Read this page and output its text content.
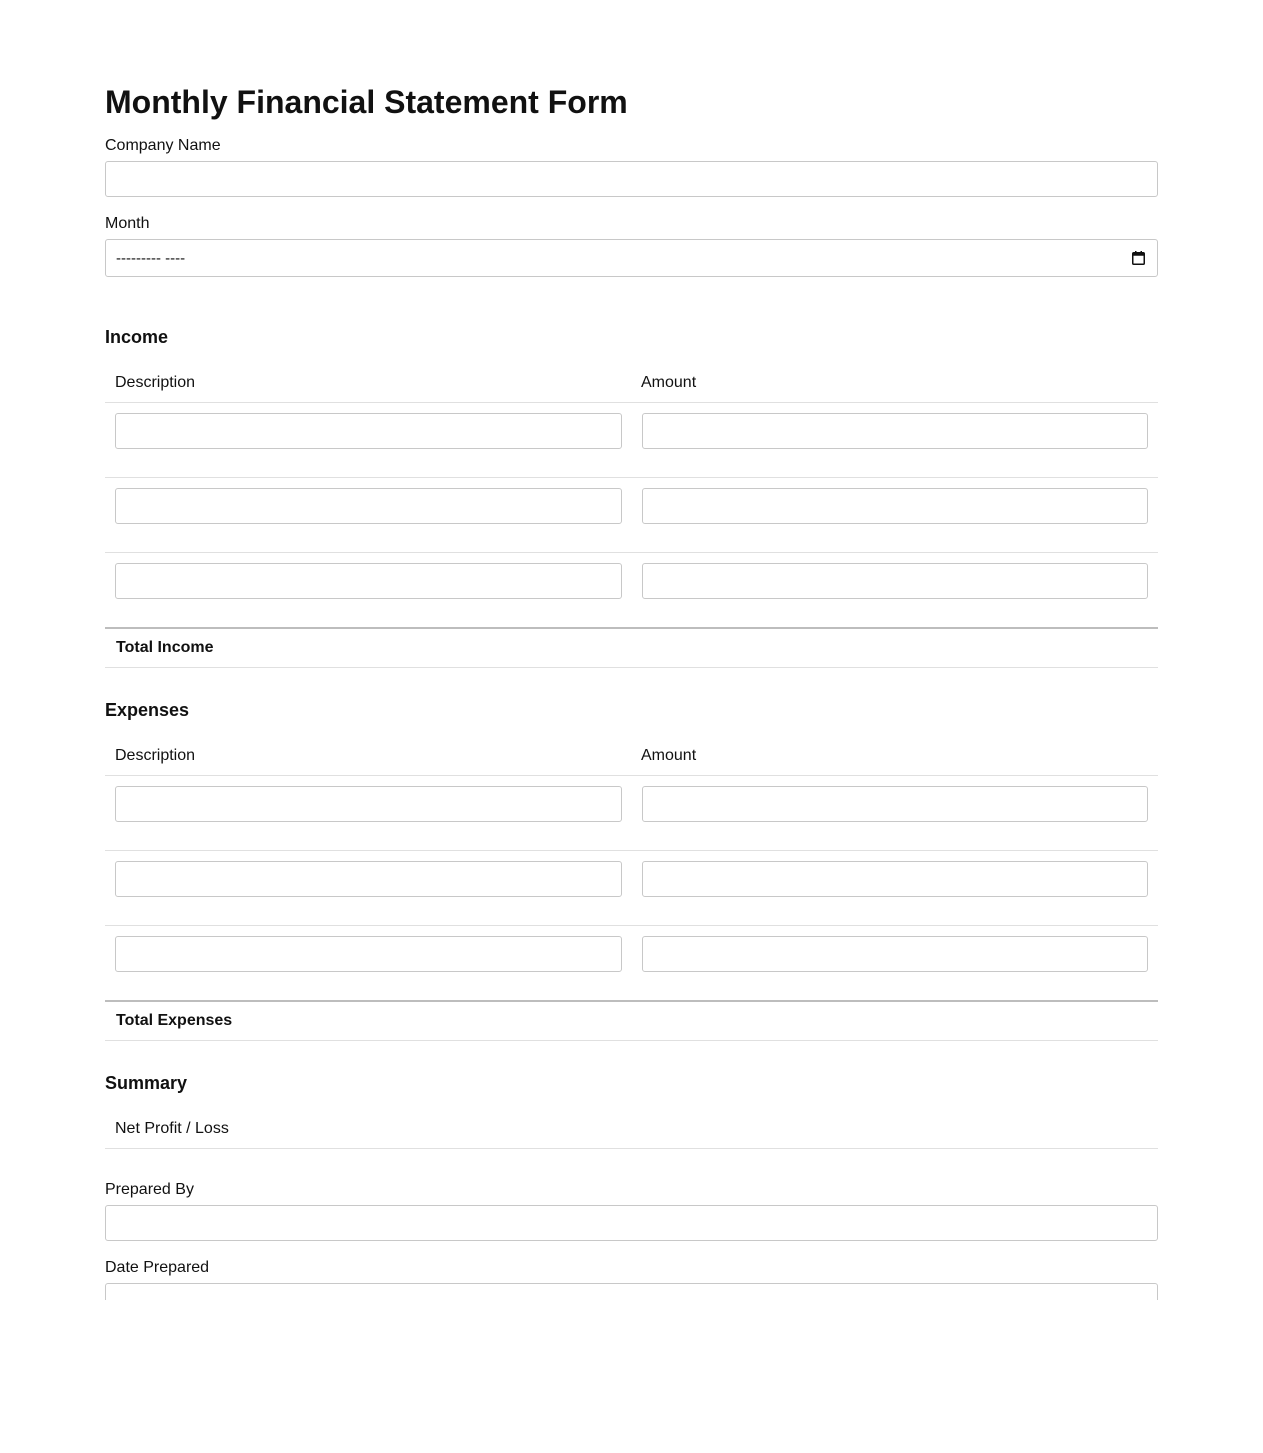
Monthly Financial Statement Form
Company Name
Month
--------- ----
Income
Description	Amount
Total Income
Expenses
Description	Amount
Total Expenses
Summary
Net Profit / Loss
Prepared By
Date Prepared
